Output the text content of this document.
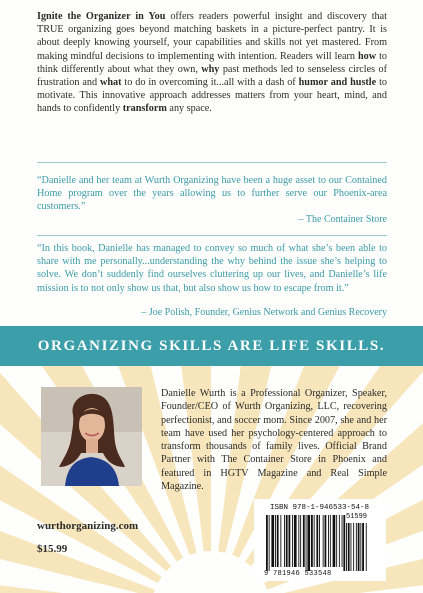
Ignite the Organizer in You offers readers powerful insight and discovery that TRUE organizing goes beyond matching baskets in a picture-perfect pantry. It is about deeply knowing yourself, your capabilities and skills not yet mastered. From making mindful decisions to implementing with intention. Readers will learn how to think differently about what they own, why past methods led to senseless circles of frustration and what to do in overcoming it...all with a dash of humor and hustle to motivate. This innovative approach addresses matters from your heart, mind, and hands to confidently transform any space.

“Danielle and her team at Wurth Organizing have been a huge asset to our Contained Home program over the years allowing us to further serve our Phoenix-area customers.”

– The Container Store

“In this book, Danielle has managed to convey so much of what she’s been able to share with me personally...understanding the why behind the issue she’s helping to solve. We don’t suddenly find ourselves cluttering up our lives, and Danielle’s life mission is to not only show us that, but also show us how to escape from it.”

– Joe Polish, Founder, Genius Network and Genius Recovery

ORGANIZING SKILLS ARE LIFE SKILLS.

Danielle Wurth is a Professional Organizer, Speaker, Founder/CEO of Wurth Organizing, LLC, recovering perfectionist, and soccer mom. Since 2007, she and her team have used her psychology-centered approach to transform thousands of family lives. Official Brand Partner with The Container Store in Phoenix and featured in HGTV Magazine and Real Simple Magazine.

wurthorganizing.com

$15.99

ISBN 978-1-946533-54-8

51599

9 781946 533548
